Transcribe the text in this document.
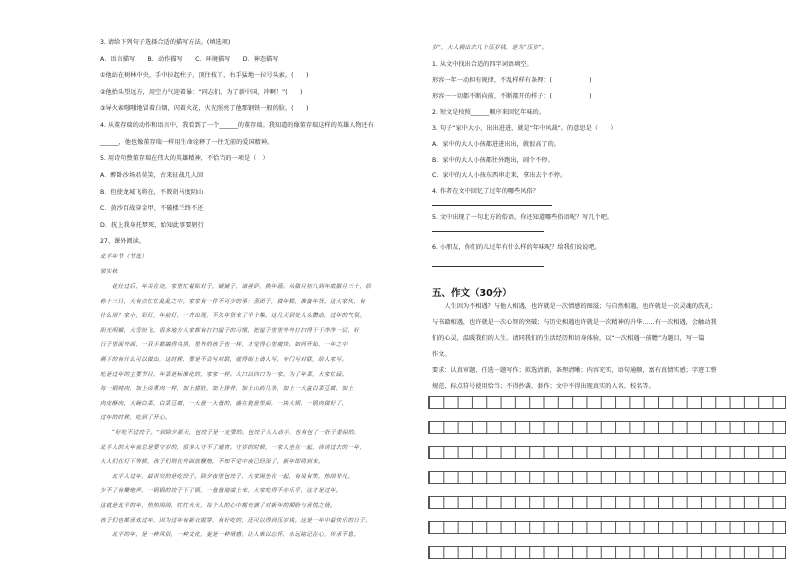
3. 请给下列句子选择合适的描写方法。(填选项)
A．语言描写　　B．动作描写　　C．环境描写　　D．神态描写
①他站在树林中央，手中拉起柱子，顶住枝丫，右手猛地一拉号头索。(　　)
②他抬头望远方，用空力气迎着暴：“同志们，为了新中国，冲啊！”(　　)
③导火索嗤嗤地冒着白烟，闪着火花，火光照亮了他那钢铁一般的脸。(　　)
4. 从董存瑞的动作和语言中，我看到了一个______的董存瑞。我知道的像董存瑞这样的英雄人物还有
______，他也像董存瑞一样用生命诠释了一往无前的爱国精神。
5. 用诗句赞董存瑞在伟大的英雄精神，不恰当的一项是（　）
A．醉卧沙场君莫笑，古来征战几人回
B．但使龙城飞将在，不教胡马度阴山
C．黄沙百战穿金甲，不破楼兰终不还
D．抚上我身托梦死，始知此事要躬行
27、课外阅读。
北平年节（节选）
梁实秋
　　花灶过后，年关在迩，家里忙着贴对子，铺铺子，请菩萨，换年画。从腊月初八到年底腊月三十，俗
称十三日，大有点忙忙乱乱之中。家家有一件不可少的事：蒸团子，做年糕，准备年货。这大家伙，有
什么用？家小，彩灯，年前灯，一齐出现，不久年货来了半个集。这几天到处人头攒动，过年的气氛。
阳光明媚，大雪纷飞，很多地方人家都有打扫屋子的习惯，把屋子里里外外打扫得干干净净一层，好
日子里面外面，一双手都搞得乌黑，里外的孩子也一样，才觉得心里痛快。如何开始，一年之中
剩下的有什么可以做出，这时候，要是不会写对联，就得街上请人写，专门写对联，给人家写。
吃是过年的主要节目。年菜是标准化的，家家一样。人口以四口为一家。为了年菜，大家忙碌。
每一锅炖肉，加上卤煮肉一样，加上猪肚，加上排骨，加上山药几条，加上一大盆白菜豆腐，加上
肉皮酥肉，大碗白菜，白菜豆腐，一大盘一大盘的，盛在瓷盘里面，一块大锅，一锅肉做好了，
过年的时候，吃到了开心。
　　“好吃不过饺子。”到除夕那天，包饺子是一定要的。包饺子人人动手，也有包了一肚子委屈的，
北平人的大年夜总是要守岁的，很多人守不了通宵。守岁的时候，一家人坐在一起，谈谈过去的一年，
大人们在灯下等候，孩子们则在外面放鞭炮，不知不觉中夜已经深了，新年即将到来。
　　北平人过年，最讲究的是吃饺子。除夕夜里包饺子，大家围坐在一起，有说有笑，热闹非凡。
少不了有鞭炮声，一锅锅的饺子下了锅，一盘盘地端上来，大家吃得不亦乐乎，这才是过年。
这就是北平的年，热热闹闹，红红火火，每个人的心中都充满了对新年的期盼与喜悦之情。
孩子们也都喜欢过年，因为过年有新衣服穿，有好吃的，还可以得到压岁钱。这是一年中最快乐的日子。
　　北平的年，是一种风俗，一种文化，更是一种情感，让人难以忘怀，永远铭记在心，传承不息。
岁”，大人拥出去几个压岁钱，是为“压岁”。
1. 从文中找出合适的四字词语填空。
形容一年一动担有规律，不乱样样有条理：(　　　　　　)
形容一一切都不断向前，不断都开的样子：(　　　　　　)
2. 短文是按照______顺序来回忆年味的。
3. 句子“家中大小，出出进进，就是“年中风裁”。的意思是（　　）
A．家中的大人小孩都进进出出，就很高了的。
B．家中的大人小孩都往外跑出，闹个不停。
C．家中的大人小孩东西串走来，拿出去个不停。
4. 作者在文中回忆了过年的哪些风俗？
5. 文中出现了一句北方的俗语，你还知道哪些俗语呢？写几个吧。
6. 小朋友，你们的儿过年有什么样的年味呢？给我们说说吧。
五、作文（30分）
　　人生因为不相遇？与他人相遇，也许就是一次情感的图滋；与自然相遇，也许就是一次灵魂的洗礼；
与书籍相遇，也许就是一次心智的突破；与历史相遇也许就是一次精神的升华……有一次相遇，会触动我
们的心灵，温暖我们的人生。请同我们的生活经历和切身体验，以“一次相遇一前瞻”为题目，写一篇
作文。
要求：认真审题，任选一题写作；拟选清新，条理清晰；内容充实，语句通顺，富有真情实感；字迹工整
规范，标点符号使用恰当；不得抄袭、套作；文中不得出现真实的人名、校名等。
